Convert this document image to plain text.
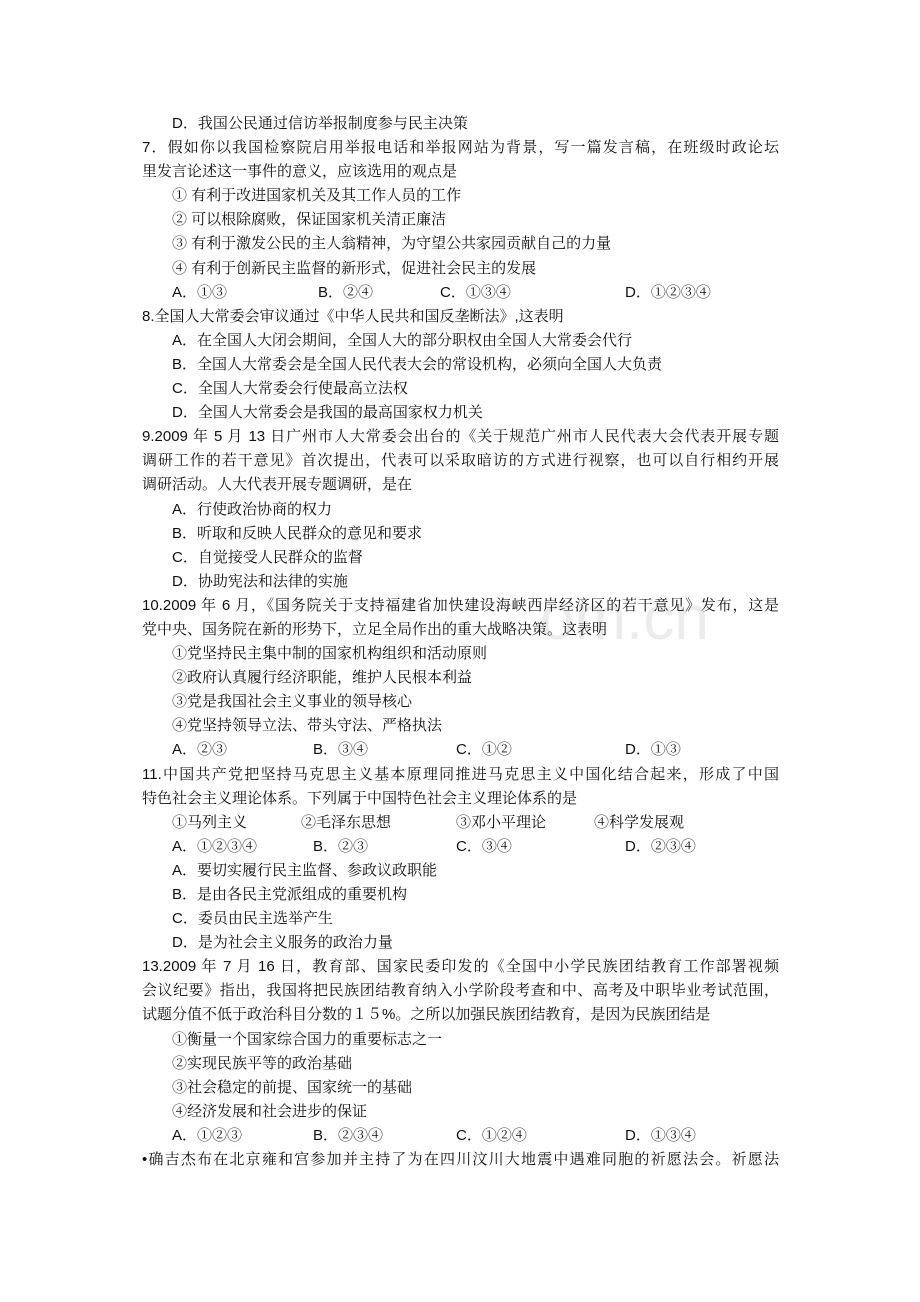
om.cn
D．我国公民通过信访举报制度参与民主决策
7．假如你以我国检察院启用举报电话和举报网站为背景，写一篇发言稿，在班级时政论坛
里发言论述这一事件的意义，应该选用的观点是
① 有利于改进国家机关及其工作人员的工作
② 可以根除腐败，保证国家机关清正廉洁
③ 有利于激发公民的主人翁精神，为守望公共家园贡献自己的力量
④ 有利于创新民主监督的新形式，促进社会民主的发展
A．①③	B．②④	C．①③④	D．①②③④
8.全国人大常委会审议通过《中华人民共和国反垄断法》,这表明
A．在全国人大闭会期间，全国人大的部分职权由全国人大常委会代行
B．全国人大常委会是全国人民代表大会的常设机构，必须向全国人大负责
C．全国人大常委会行使最高立法权
D．全国人大常委会是我国的最高国家权力机关
9.2009 年 5 月 13 日广州市人大常委会出台的《关于规范广州市人民代表大会代表开展专题
调研工作的若干意见》首次提出，代表可以采取暗访的方式进行视察，也可以自行相约开展
调研活动。人大代表开展专题调研，是在
A．行使政治协商的权力
B．听取和反映人民群众的意见和要求
C．自觉接受人民群众的监督
D．协助宪法和法律的实施
10.2009 年 6 月，《国务院关于支持福建省加快建设海峡西岸经济区的若干意见》发布，这是
党中央、国务院在新的形势下，立足全局作出的重大战略决策。这表明
①党坚持民主集中制的国家机构组织和活动原则
②政府认真履行经济职能，维护人民根本利益
③党是我国社会主义事业的领导核心
④党坚持领导立法、带头守法、严格执法
A．②③	B．③④	C．①②	D．①③
11.中国共产党把坚持马克思主义基本原理同推进马克思主义中国化结合起来，形成了中国
特色社会主义理论体系。下列属于中国特色社会主义理论体系的是
①马列主义	②毛泽东思想	③邓小平理论	④科学发展观
A．①②③④	B．②③	C．③④	D．②③④
A．要切实履行民主监督、参政议政职能
B．是由各民主党派组成的重要机构
C．委员由民主选举产生
D．是为社会主义服务的政治力量
13.2009 年 7 月 16 日，教育部、国家民委印发的《全国中小学民族团结教育工作部署视频
会议纪要》指出，我国将把民族团结教育纳入小学阶段考查和中、高考及中职毕业考试范围，
试题分值不低于政治科目分数的１５%。之所以加强民族团结教育，是因为民族团结是
①衡量一个国家综合国力的重要标志之一
②实现民族平等的政治基础
③社会稳定的前提、国家统一的基础
④经济发展和社会进步的保证
A．①②③	B．②③④	C．①②④	D．①③④
•确吉杰布在北京雍和宫参加并主持了为在四川汶川大地震中遇难同胞的祈愿法会。祈愿法
